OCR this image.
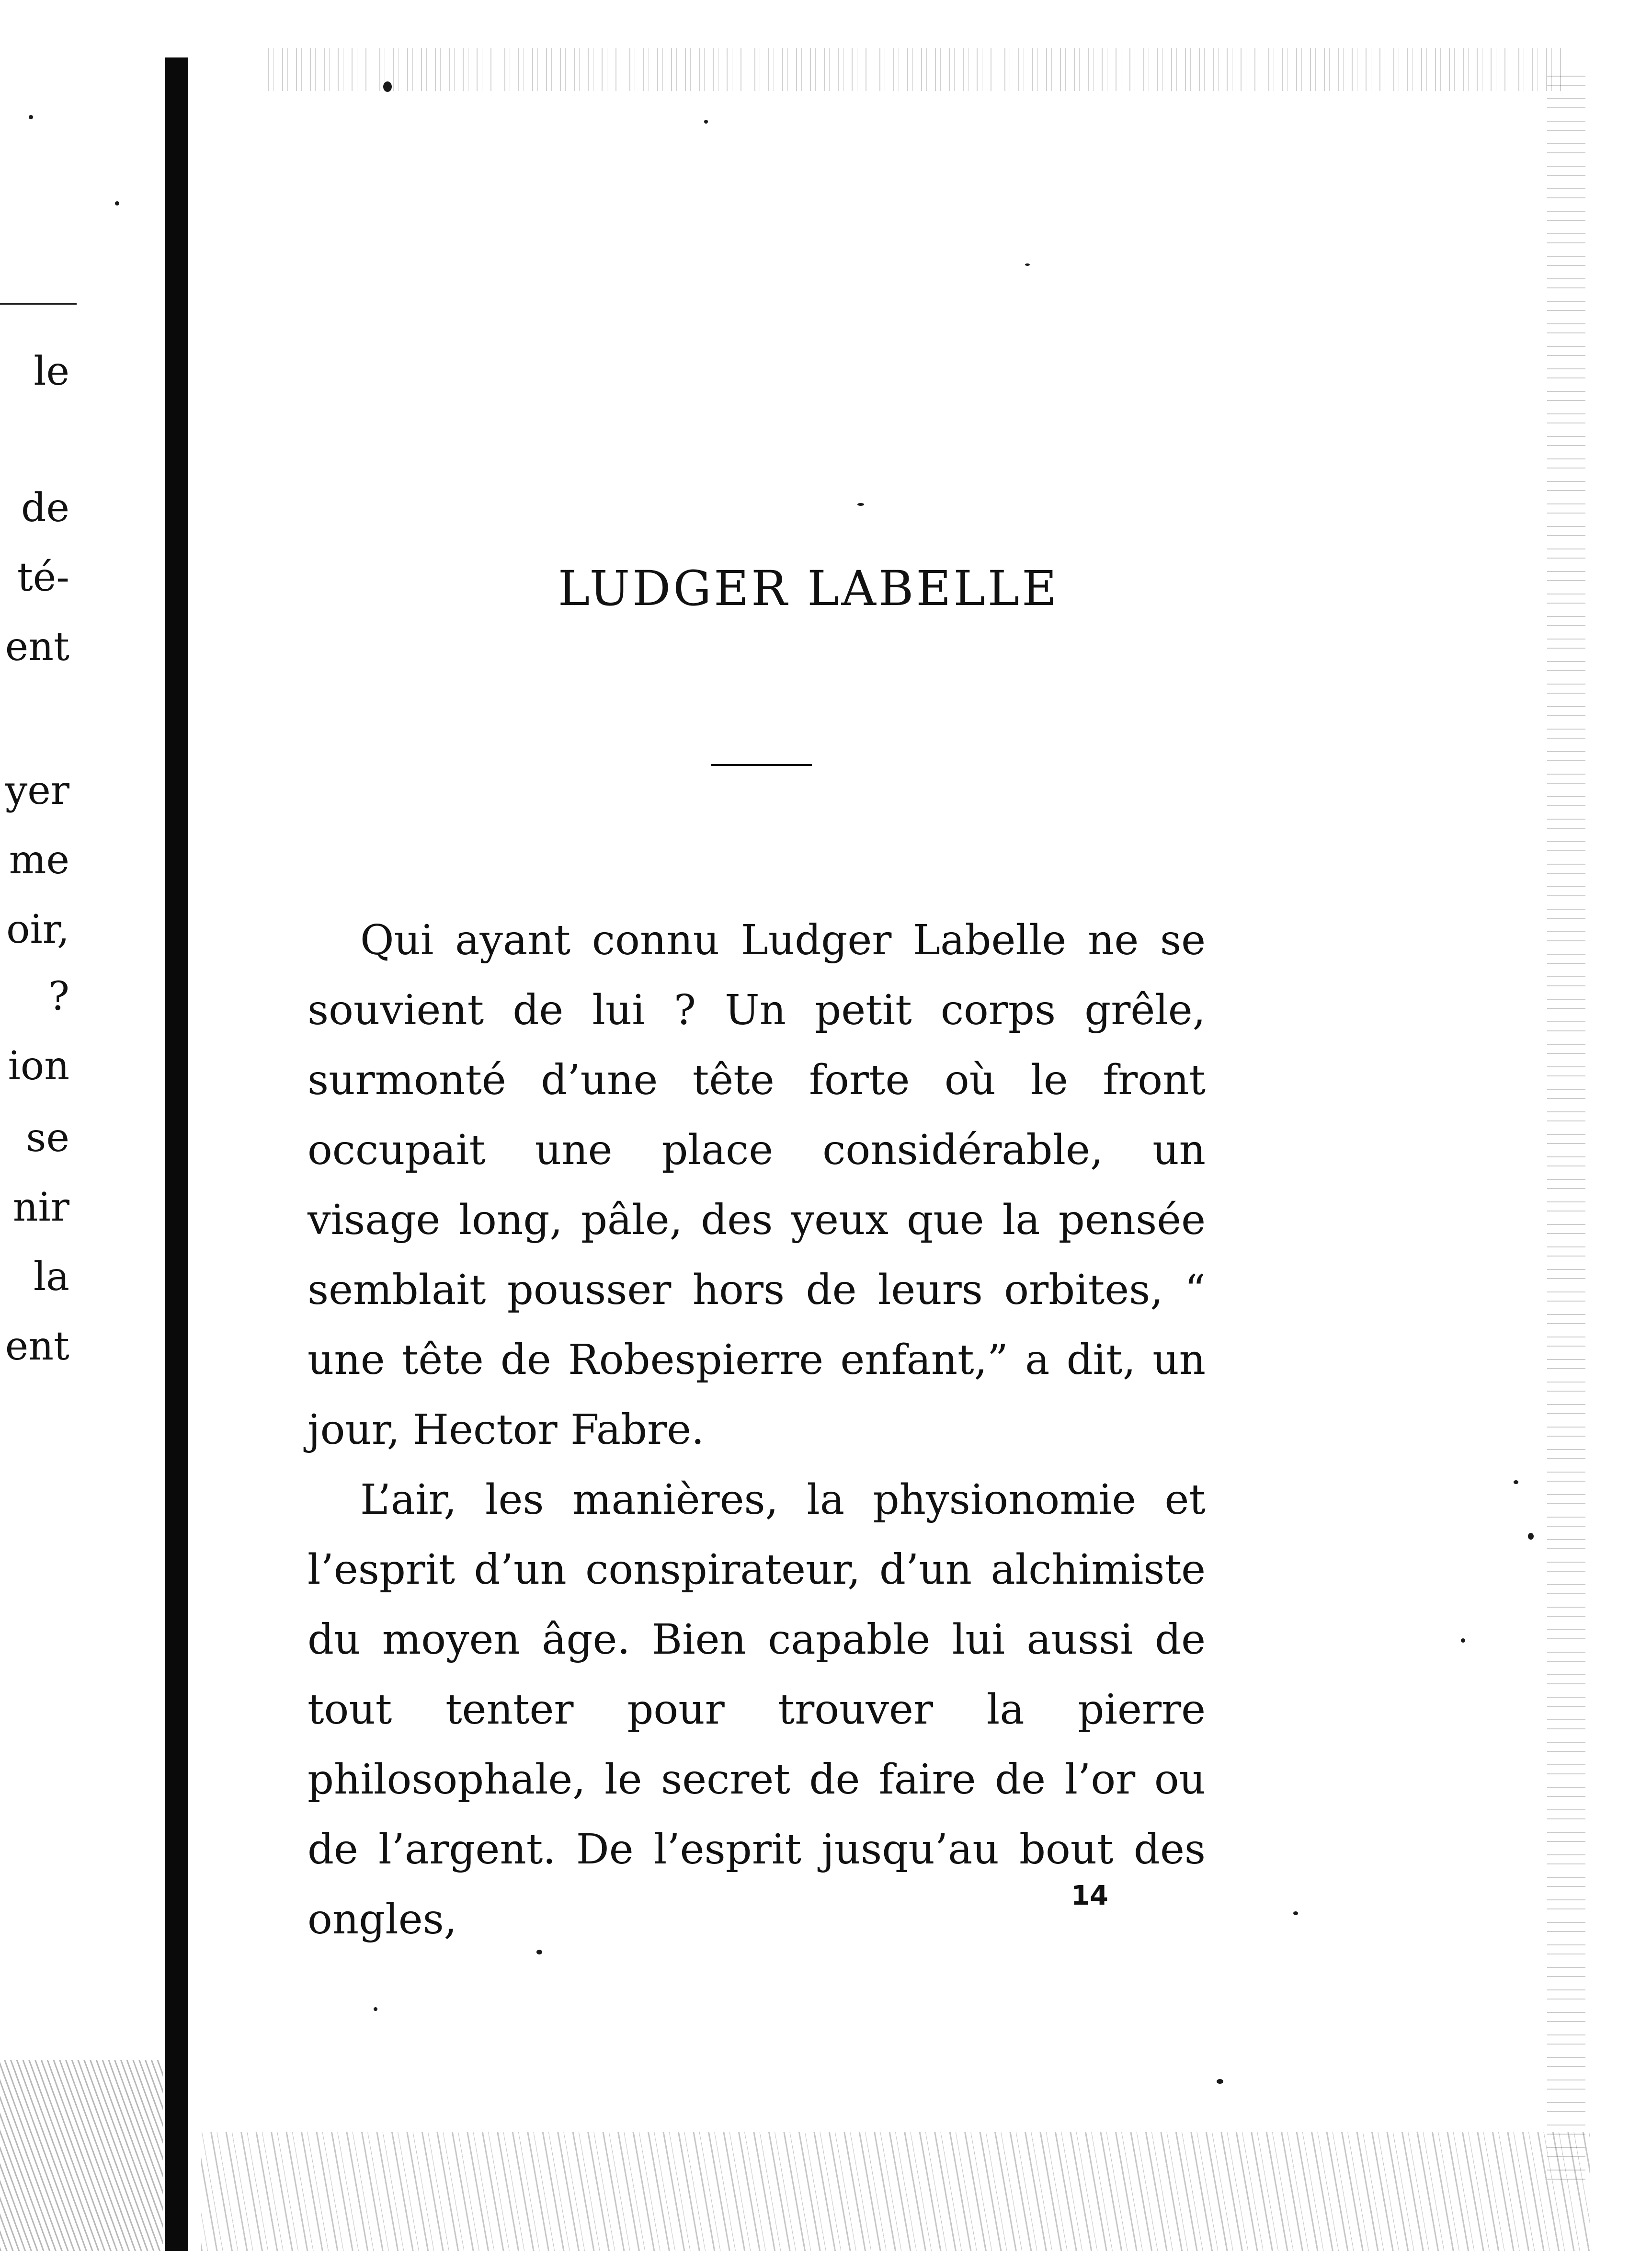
le
de
té-
ent
yer
me
oir,
?
ion
se
nir
la
ent
LUDGER LABELLE

Qui ayant connu Ludger Labelle ne se souvient de lui ? Un petit corps grêle, surmonté d’une tête forte où le front occupait une place considérable, un visage long, pâle, des yeux que la pensée semblait pousser hors de leurs orbites, “ une tête de Robespierre enfant,” a dit, un jour, Hector Fabre.

L’air, les manières, la physionomie et l’esprit d’un conspirateur, d’un alchimiste du moyen âge. Bien capable lui aussi de tout tenter pour trouver la pierre philosophale, le secret de faire de l’or ou de l’argent. De l’esprit jusqu’au bout des ongles,	14
